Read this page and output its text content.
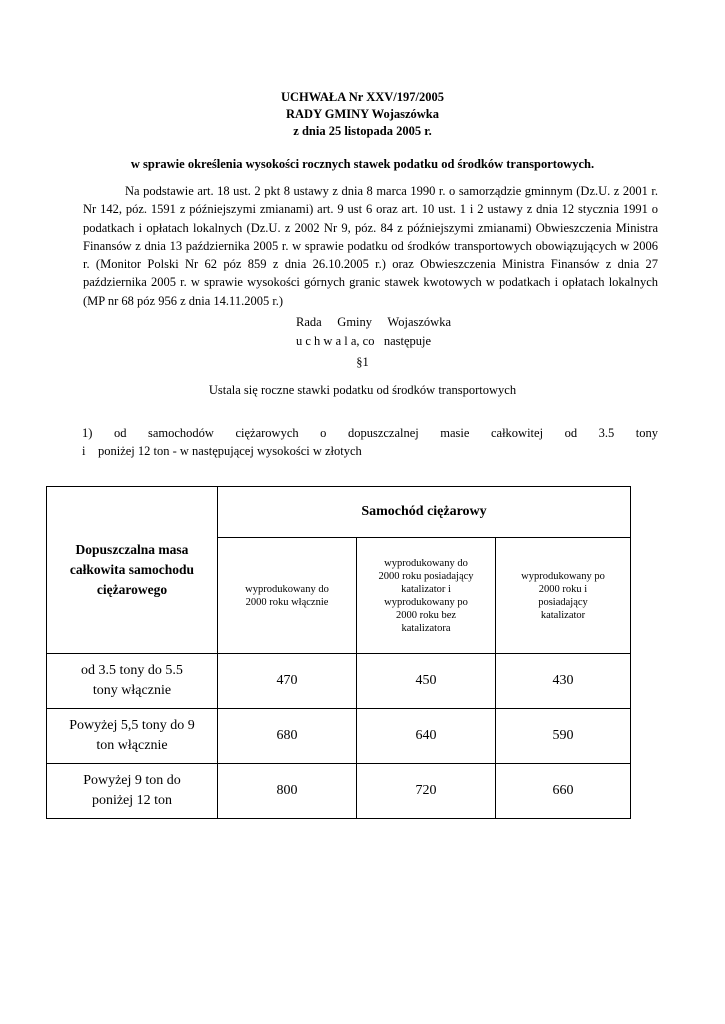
UCHWAŁA Nr XXV/197/2005
RADY GMINY Wojaszówka
z dnia 25 listopada 2005 r.
w sprawie określenia wysokości rocznych stawek podatku od środków transportowych.
Na podstawie art. 18 ust. 2 pkt 8 ustawy z dnia 8 marca 1990 r. o samorządzie gminnym (Dz.U. z 2001 r. Nr 142, póz. 1591 z późniejszymi zmianami) art. 9 ust 6 oraz art. 10 ust. 1 i 2 ustawy z dnia 12 stycznia 1991 o podatkach i opłatach lokalnych (Dz.U. z 2002 Nr 9, póz. 84 z późniejszymi zmianami) Obwieszczenia Ministra Finansów z dnia 13 października 2005 r. w sprawie podatku od środków transportowych obowiązujących w 2006 r. (Monitor Polski Nr 62 póz 859 z dnia 26.10.2005 r.) oraz Obwieszczenia Ministra Finansów z dnia 27 października 2005 r. w sprawie wysokości górnych granic stawek kwotowych w podatkach i opłatach lokalnych (MP nr 68 póz 956 z dnia 14.11.2005 r.)
Rada     Gminy     Wojaszówka
u c h w a l a, co   następuje
§1
Ustala się roczne stawki podatku od środków transportowych
1) od samochodów ciężarowych o dopuszczalnej masie całkowitej od 3.5 tony
i    poniżej 12 ton - w następującej wysokości w złotych
Dopuszczalna masa całkowita samochodu ciężarowego	Samochód ciężarowy		

	wyprodukowany do 2000 roku włącznie	wyprodukowany do 2000 roku posiadający katalizator i wyprodukowany po 2000 roku bez katalizatora	wyprodukowany po 2000 roku i posiadający katalizator

od 3.5 tony do 5.5 tony włącznie	470	450	430

Powyżej 5,5 tony do 9 ton włącznie	680	640	590

Powyżej 9 ton do poniżej 12 ton	800	720	660
